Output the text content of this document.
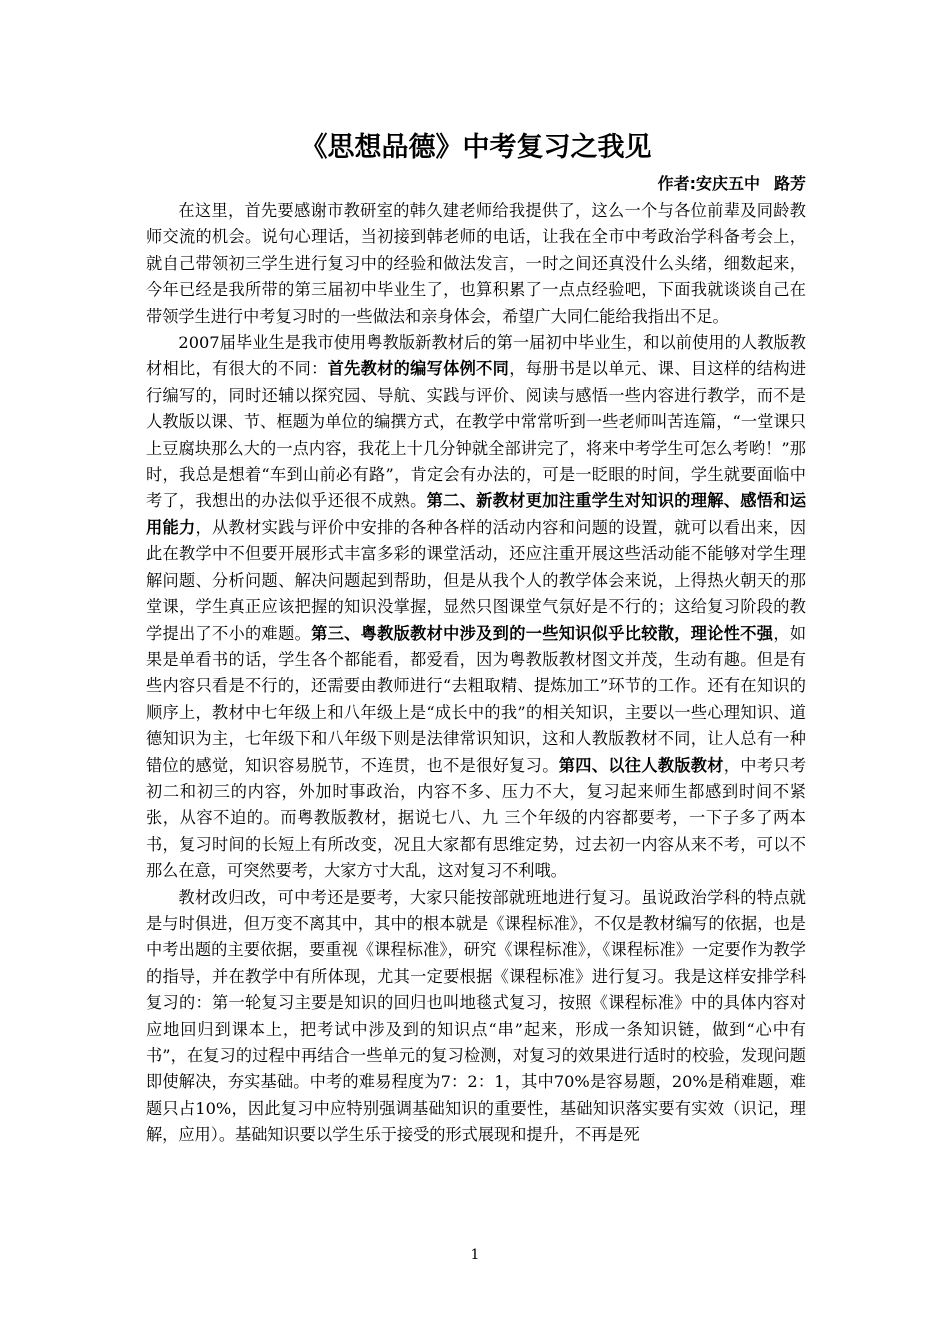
《思想品德》中考复习之我见
作者:安庆五中 路芳

在这里，首先要感谢市教研室的韩久建老师给我提供了，这么一个与各位前辈及同龄教师交流的机会。说句心理话，当初接到韩老师的电话，让我在全市中考政治学科备考会上，就自己带领初三学生进行复习中的经验和做法发言，一时之间还真没什么头绪，细数起来，今年已经是我所带的第三届初中毕业生了，也算积累了一点点经验吧，下面我就谈谈自己在带领学生进行中考复习时的一些做法和亲身体会，希望广大同仁能给我指出不足。

2007届毕业生是我市使用粤教版新教材后的第一届初中毕业生，和以前使用的人教版教材相比，有很大的不同：首先教材的编写体例不同，每册书是以单元、课、目这样的结构进行编写的，同时还辅以探究园、导航、实践与评价、阅读与感悟一些内容进行教学，而不是人教版以课、节、框题为单位的编撰方式，在教学中常常听到一些老师叫苦连篇，“一堂课只上豆腐块那么大的一点内容，我花上十几分钟就全部讲完了，将来中考学生可怎么考哟！”那时，我总是想着“车到山前必有路”，肯定会有办法的，可是一眨眼的时间，学生就要面临中考了，我想出的办法似乎还很不成熟。第二、新教材更加注重学生对知识的理解、感悟和运用能力，从教材实践与评价中安排的各种各样的活动内容和问题的设置，就可以看出来，因此在教学中不但要开展形式丰富多彩的课堂活动，还应注重开展这些活动能不能够对学生理解问题、分析问题、解决问题起到帮助，但是从我个人的教学体会来说，上得热火朝天的那堂课，学生真正应该把握的知识没掌握，显然只图课堂气氛好是不行的；这给复习阶段的教学提出了不小的难题。第三、粤教版教材中涉及到的一些知识似乎比较散，理论性不强，如果是单看书的话，学生各个都能看，都爱看，因为粤教版教材图文并茂，生动有趣。但是有些内容只看是不行的，还需要由教师进行“去粗取精、提炼加工”环节的工作。还有在知识的顺序上，教材中七年级上和八年级上是“成长中的我”的相关知识，主要以一些心理知识、道德知识为主，七年级下和八年级下则是法律常识知识，这和人教版教材不同，让人总有一种错位的感觉，知识容易脱节，不连贯，也不是很好复习。第四、以往人教版教材，中考只考初二和初三的内容，外加时事政治，内容不多、压力不大，复习起来师生都感到时间不紧张，从容不迫的。而粤教版教材，据说七八、九 三个年级的内容都要考，一下子多了两本书，复习时间的长短上有所改变，况且大家都有思维定势，过去初一内容从来不考，可以不那么在意，可突然要考，大家方寸大乱，这对复习不利哦。

教材改归改，可中考还是要考，大家只能按部就班地进行复习。虽说政治学科的特点就是与时俱进，但万变不离其中，其中的根本就是《课程标准》，不仅是教材编写的依据，也是中考出题的主要依据，要重视《课程标准》，研究《课程标准》，《课程标准》一定要作为教学的指导，并在教学中有所体现，尤其一定要根据《课程标准》进行复习。我是这样安排学科复习的：第一轮复习主要是知识的回归也叫地毯式复习，按照《课程标准》中的具体内容对应地回归到课本上，把考试中涉及到的知识点“串”起来，形成一条知识链，做到“心中有书”，在复习的过程中再结合一些单元的复习检测，对复习的效果进行适时的校验，发现问题即使解决，夯实基础。中考的难易程度为7：2：1，其中70%是容易题，20%是稍难题，难题只占10%，因此复习中应特别强调基础知识的重要性，基础知识落实要有实效（识记，理解，应用）。基础知识要以学生乐于接受的形式展现和提升，不再是死

1
